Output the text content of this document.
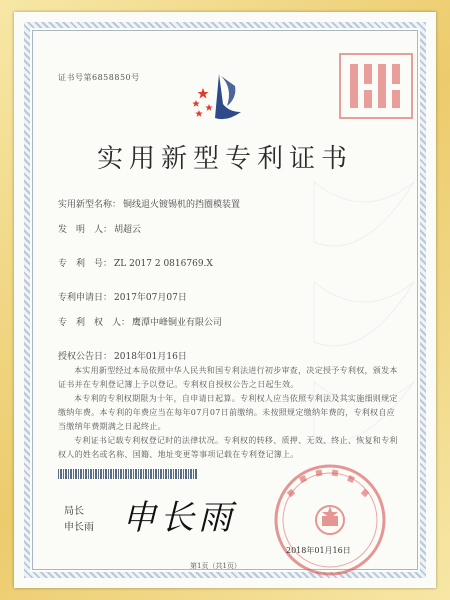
证书号第6858850号
实用新型专利证书
实用新型名称： 铜线退火镀锡机的挡圈模装置
发　明　人： 胡超云
专　利　号： ZL 2017 2 0816769.X
专利申请日： 2017年07月07日
专　利　权　人： 鹰潭中峰铜业有限公司
授权公告日： 2018年01月16日
本实用新型经过本局依照中华人民共和国专利法进行初步审查，决定授予专利权，颁发本证书并在专利登记簿上予以登记。专利权自授权公告之日起生效。
本专利的专利权期限为十年，自申请日起算。专利权人应当依照专利法及其实施细则规定缴纳年费。本专利的年费应当在每年07月07日前缴纳。未按照规定缴纳年费的，专利权自应当缴纳年费期满之日起终止。
专利证书记载专利权登记时的法律状况。专利权的转移、质押、无效、终止、恢复和专利权人的姓名或名称、国籍、地址变更等事项记载在专利登记簿上。
局长
申长雨 申长雨
第1页（共1页）
2018年01月16日
